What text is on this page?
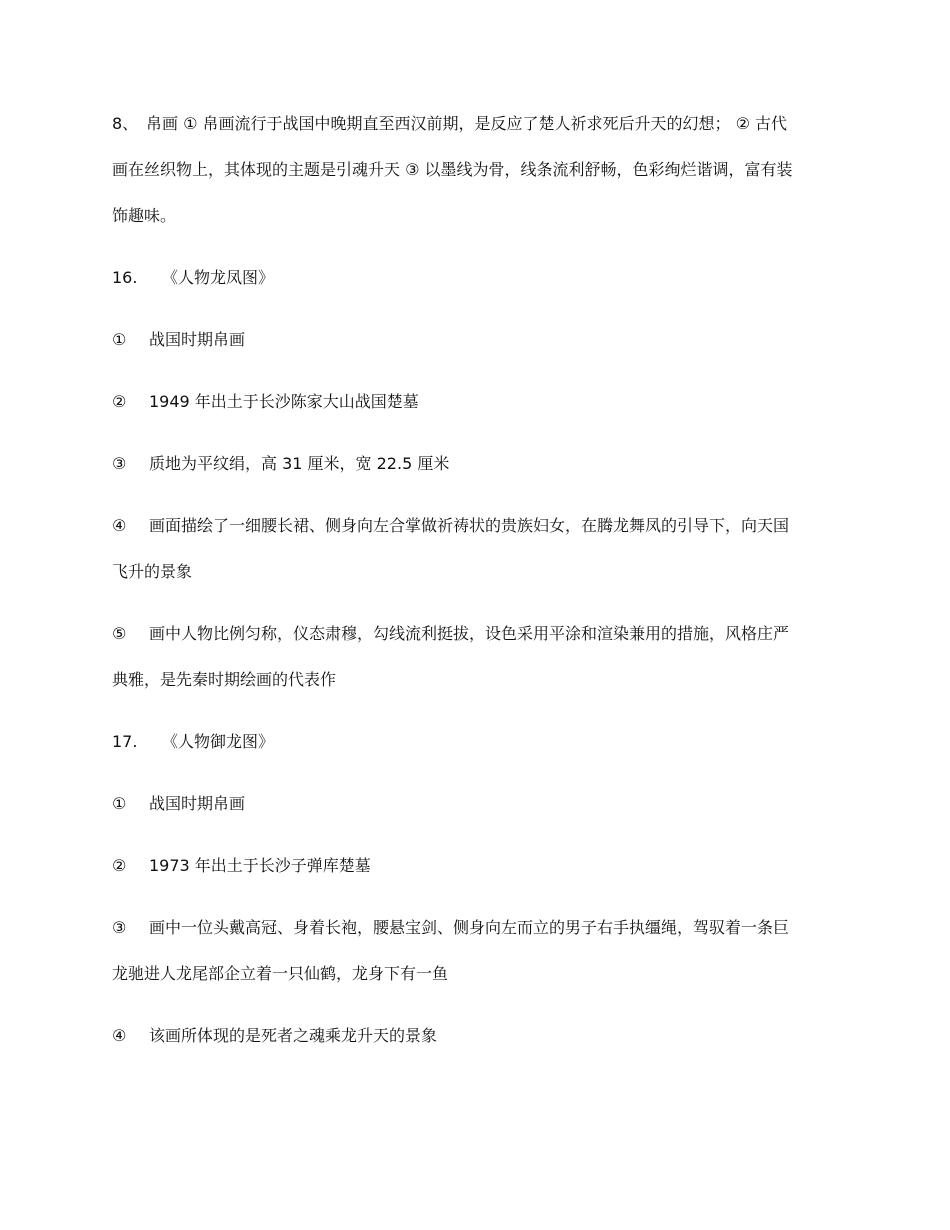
8、 帛画 ① 帛画流行于战国中晚期直至西汉前期，是反应了楚人祈求死后升天的幻想； ② 古代
画在丝织物上，其体现的主题是引魂升天 ③ 以墨线为骨，线条流利舒畅，色彩绚烂谐调，富有装
饰趣味。
16. 《人物龙凤图》
① 战国时期帛画
② 1949 年出土于长沙陈家大山战国楚墓
③ 质地为平纹绢，高 31 厘米，宽 22.5 厘米
④ 画面描绘了一细腰长裙、侧身向左合掌做祈祷状的贵族妇女，在腾龙舞凤的引导下，向天国
飞升的景象
⑤ 画中人物比例匀称，仪态肃穆，勾线流利挺拔，设色采用平涂和渲染兼用的措施，风格庄严
典雅，是先秦时期绘画的代表作
17. 《人物御龙图》
① 战国时期帛画
② 1973 年出土于长沙子弹库楚墓
③ 画中一位头戴高冠、身着长袍，腰悬宝剑、侧身向左而立的男子右手执缰绳，驾驭着一条巨
龙驰进人龙尾部企立着一只仙鹤，龙身下有一鱼
④ 该画所体现的是死者之魂乘龙升天的景象
